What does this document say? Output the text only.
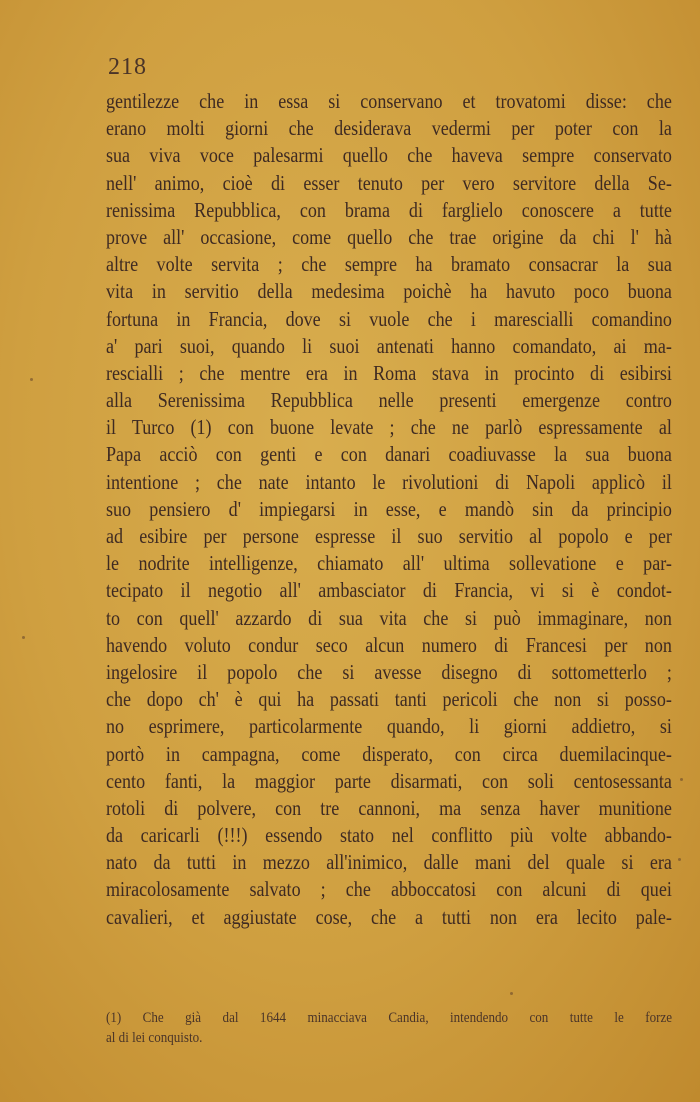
218
gentilezze che in essa si conservano et trovatomi disse: che
erano molti giorni che desiderava vedermi per poter con la
sua viva voce palesarmi quello che haveva sempre conservato
nell' animo, cioè di esser tenuto per vero servitore della Se-
renissima Repubblica, con brama di farglielo conoscere a tutte
prove all' occasione, come quello che trae origine da chi l' hà
altre volte servita ; che sempre ha bramato consacrar la sua
vita in servitio della medesima poichè ha havuto poco buona
fortuna in Francia, dove si vuole che i marescialli comandino
a' pari suoi, quando li suoi antenati hanno comandato, ai ma-
rescialli ; che mentre era in Roma stava in procinto di esibirsi
alla Serenissima Repubblica nelle presenti emergenze contro
il Turco (1) con buone levate ; che ne parlò espressamente al
Papa acciò con genti e con danari coadiuvasse la sua buona
intentione ; che nate intanto le rivolutioni di Napoli applicò il
suo pensiero d' impiegarsi in esse, e mandò sin da principio
ad esibire per persone espresse il suo servitio al popolo e per
le nodrite intelligenze, chiamato all' ultima sollevatione e par-
tecipato il negotio all' ambasciator di Francia, vi si è condot-
to con quell' azzardo di sua vita che si può immaginare, non
havendo voluto condur seco alcun numero di Francesi per non
ingelosire il popolo che si avesse disegno di sottometterlo ;
che dopo ch' è qui ha passati tanti pericoli che non si posso-
no esprimere, particolarmente quando, li giorni addietro, si
portò in campagna, come disperato, con circa duemilacinque-
cento fanti, la maggior parte disarmati, con soli centosessanta
rotoli di polvere, con tre cannoni, ma senza haver munitione
da caricarli (!!!) essendo stato nel conflitto più volte abbando-
nato da tutti in mezzo all'inimico, dalle mani del quale si era
miracolosamente salvato ; che abboccatosi con alcuni di quei
cavalieri, et aggiustate cose, che a tutti non era lecito pale-
(1) Che già dal 1644 minacciava Candia, intendendo con tutte le forze
al di lei conquisto.
